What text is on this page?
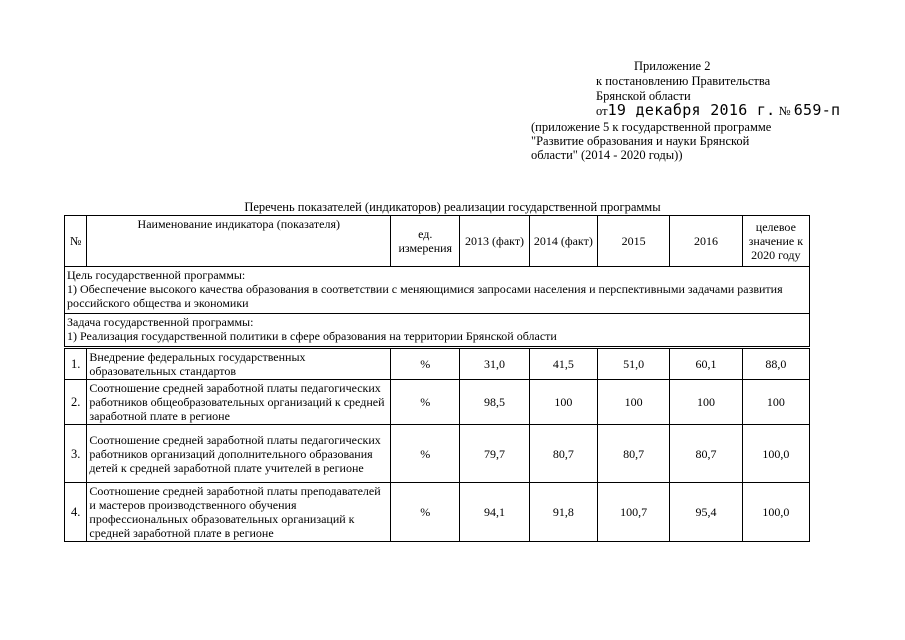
Приложение 2
к постановлению Правительства
Брянской области
от19 декабря 2016 г. № 659-п
(приложение 5 к государственной программе
"Развитие образования и науки Брянской
области" (2014 - 2020 годы))
Перечень показателей (индикаторов) реализации государственной программы
№	Наименование индикатора (показателя)	ед. измерения	2013 (факт)	2014 (факт)	2015	2016	целевое значение к 2020 году

Цель государственной программы:
1) Обеспечение высокого качества образования в соответствии с меняющимися запросами населения и перспективными задачами развития российского общества и экономики							

Задача государственной программы:
1) Реализация государственной политики в сфере образования на территории Брянской области							

1.	Внедрение федеральных государственных образовательных стандартов	%	31,0	41,5	51,0	60,1	88,0
2.	Соотношение средней заработной платы педагогических работников общеобразовательных организаций к средней заработной плате в регионе	%	98,5	100	100	100	100
3.	Соотношение средней заработной платы педагогических работников организаций дополнительного образования детей к средней заработной плате учителей в регионе	%	79,7	80,7	80,7	80,7	100,0
4.	Соотношение средней заработной платы преподавателей и мастеров производственного обучения профессиональных образовательных организаций к средней заработной плате в регионе	%	94,1	91,8	100,7	95,4	100,0
